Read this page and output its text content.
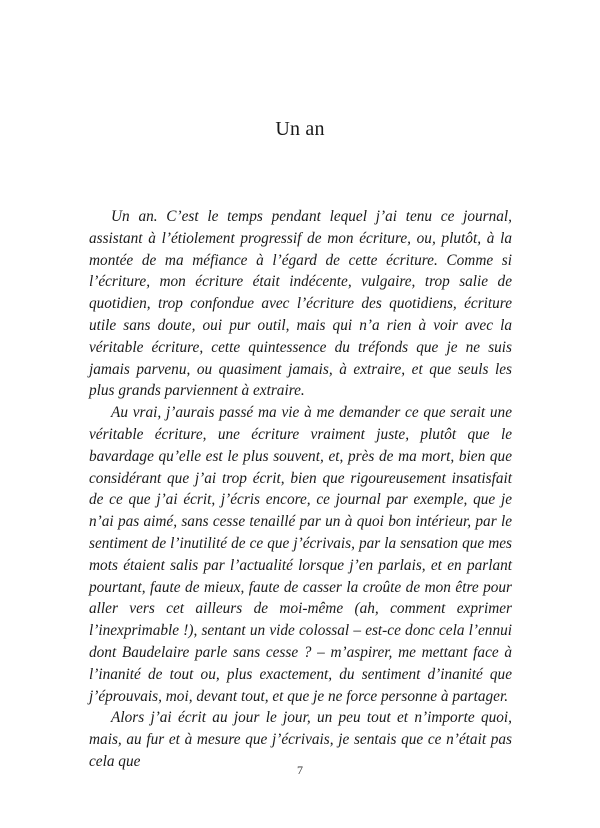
Un an

Un an. C’est le temps pendant lequel j’ai tenu ce journal, assistant à l’étiolement progressif de mon écriture, ou, plutôt, à la montée de ma méfiance à l’égard de cette écriture. Comme si l’écriture, mon écriture était indécente, vulgaire, trop salie de quotidien, trop confondue avec l’écriture des quotidiens, écriture utile sans doute, oui pur outil, mais qui n’a rien à voir avec la véritable écriture, cette quintessence du tréfonds que je ne suis jamais parvenu, ou quasiment jamais, à extraire, et que seuls les plus grands parviennent à extraire.

Au vrai, j’aurais passé ma vie à me demander ce que serait une véritable écriture, une écriture vraiment juste, plutôt que le bavardage qu’elle est le plus souvent, et, près de ma mort, bien que considérant que j’ai trop écrit, bien que rigoureusement insatisfait de ce que j’ai écrit, j’écris encore, ce journal par exemple, que je n’ai pas aimé, sans cesse tenaillé par un à quoi bon intérieur, par le sentiment de l’inutilité de ce que j’écrivais, par la sensation que mes mots étaient salis par l’actualité lorsque j’en parlais, et en parlant pourtant, faute de mieux, faute de casser la croûte de mon être pour aller vers cet ailleurs de moi-même (ah, comment exprimer l’inexprimable !), sentant un vide colossal – est-ce donc cela l’ennui dont Baudelaire parle sans cesse ? – m’aspirer, me mettant face à l’inanité de tout ou, plus exactement, du sentiment d’inanité que j’éprouvais, moi, devant tout, et que je ne force personne à partager.

Alors j’ai écrit au jour le jour, un peu tout et n’importe quoi, mais, au fur et à mesure que j’écrivais, je sentais que ce n’était pas cela que

7
